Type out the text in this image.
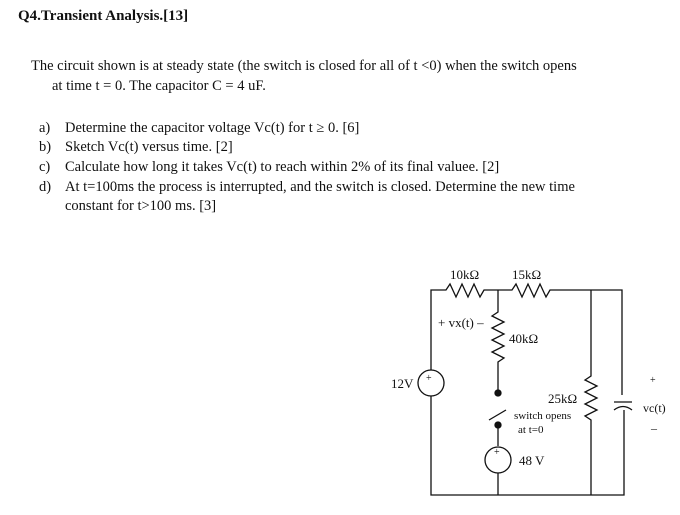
Q4.Transient Analysis.[13]
The circuit shown is at steady state (the switch is closed for all of t <0) when the switch opens
at time t = 0. The capacitor C = 4 uF.
a) Determine the capacitor voltage Vc(t) for t ≥ 0. [6]
b) Sketch Vc(t) versus time. [2]
c) Calculate how long it takes Vc(t) to reach within 2% of its final valuee. [2]
d) At t=100ms the process is interrupted, and the switch is closed. Determine the new time
constant for t>100 ms. [3]
10kΩ	15kΩ
+ vx(t) –
40kΩ
12V +
25kΩ
switch opens
at t=0
+
48 V
+
vc(t)
–
